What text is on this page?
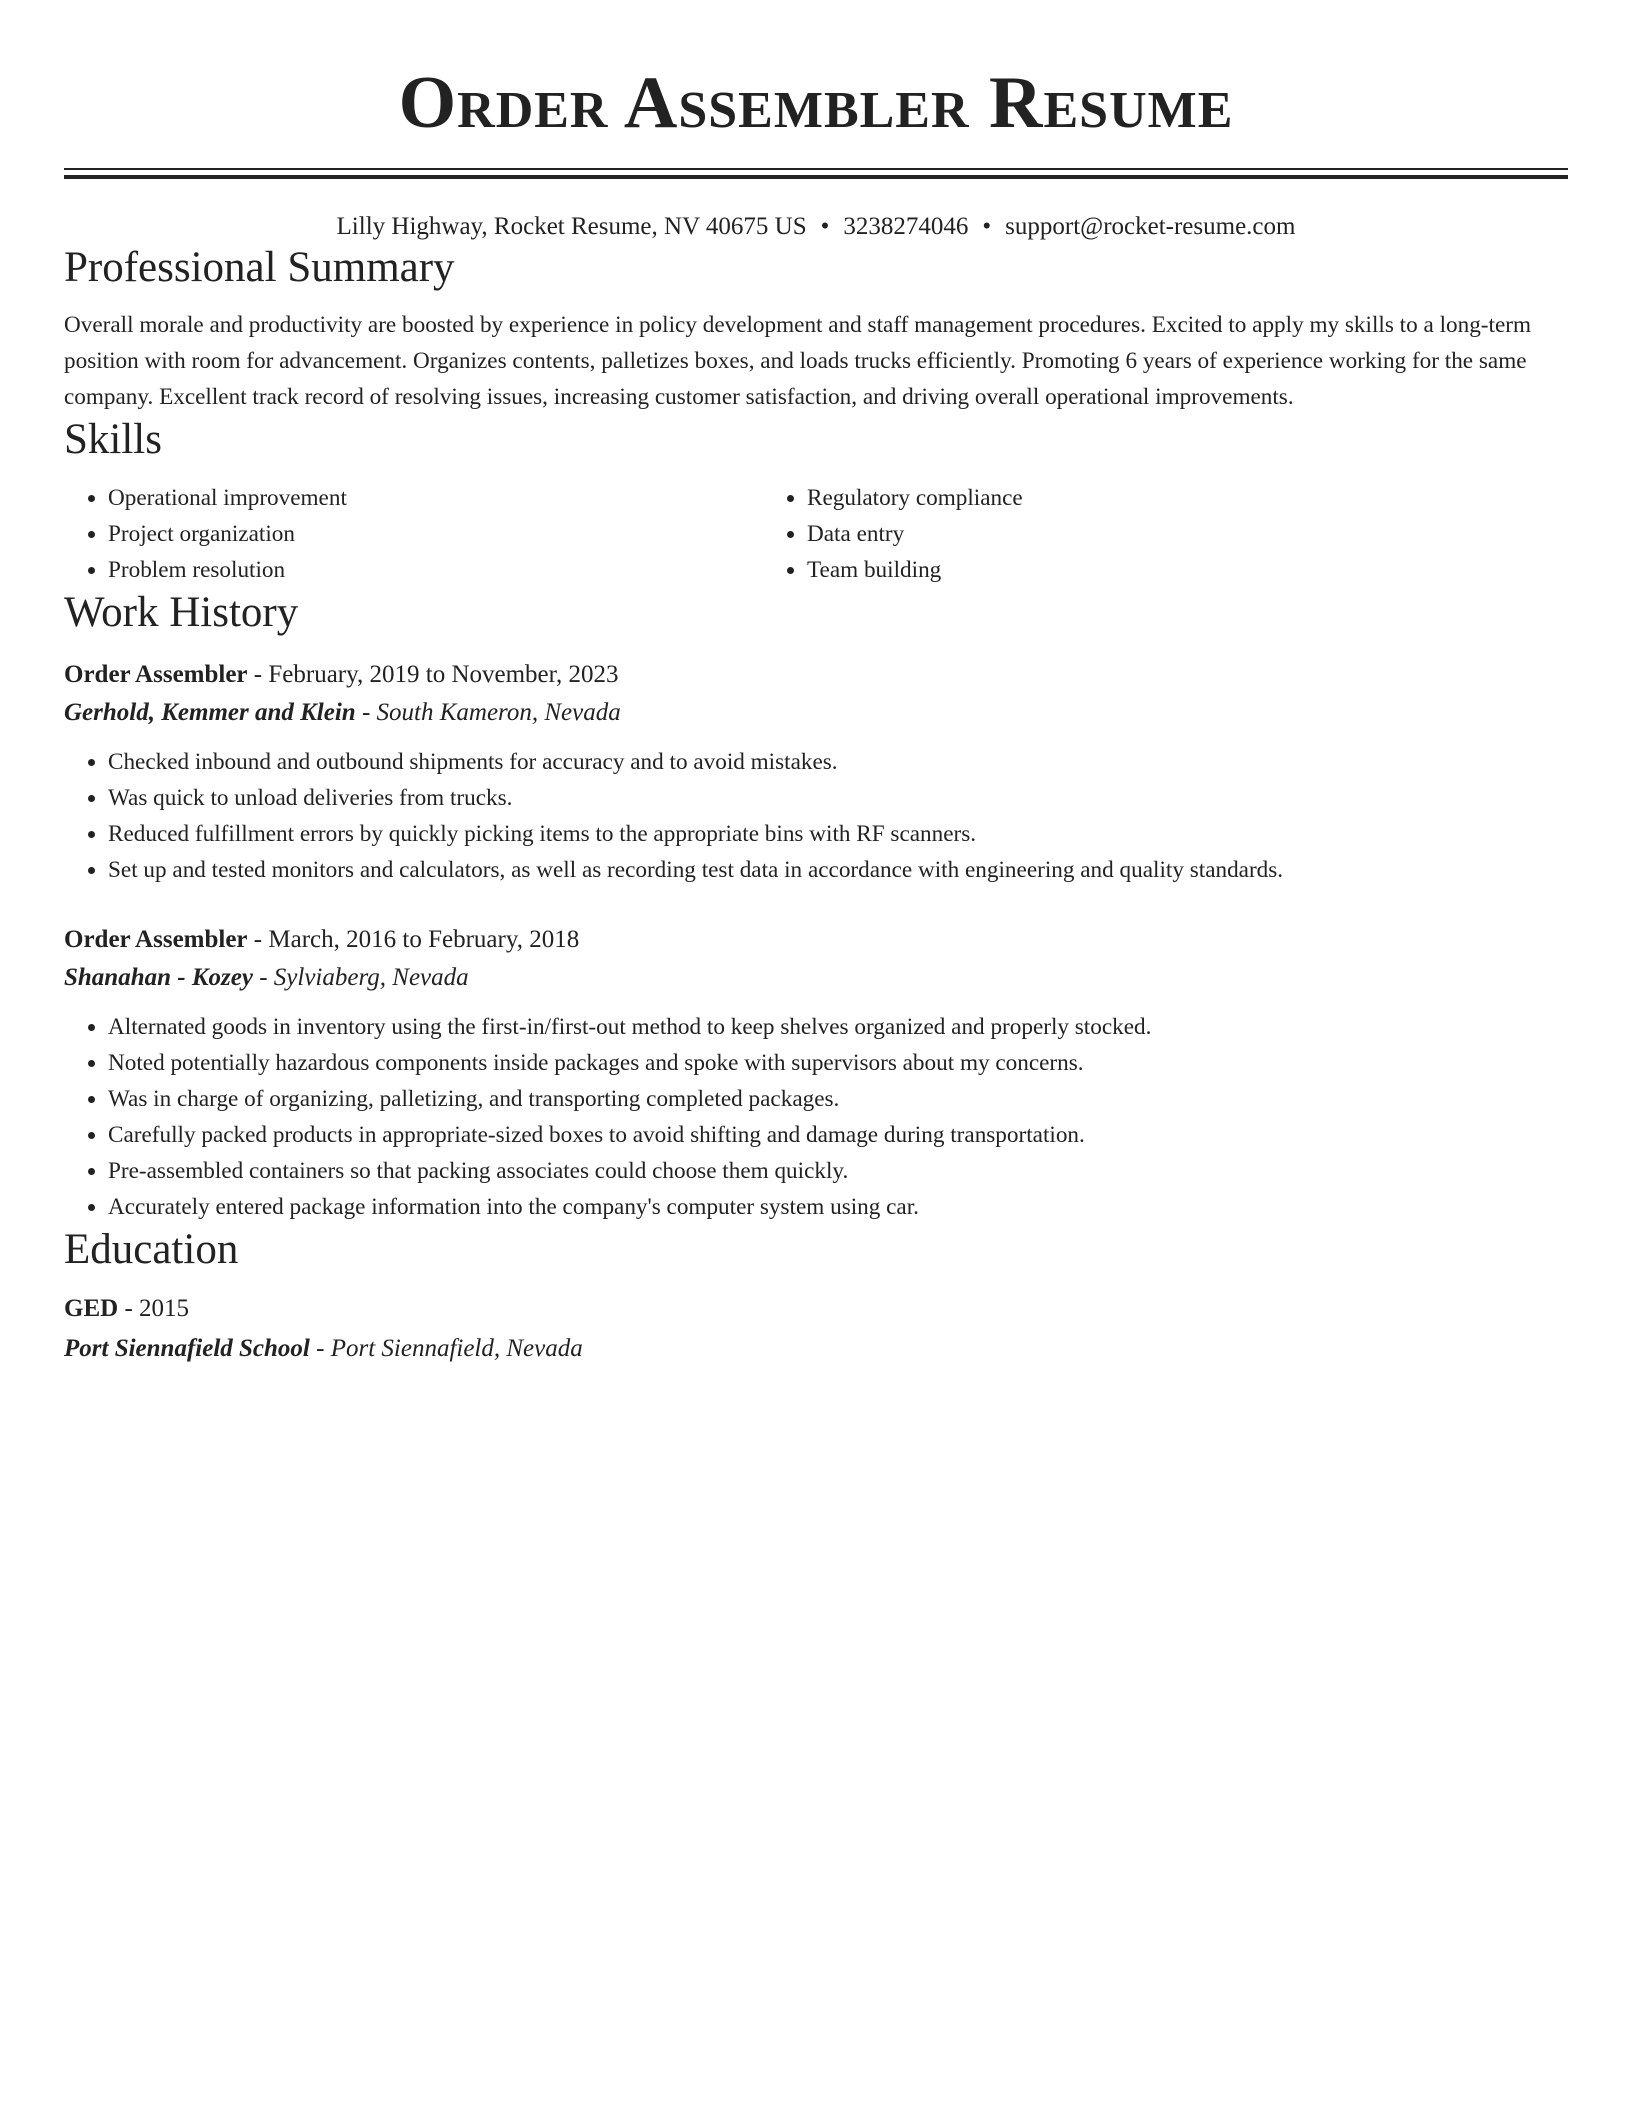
Order Assembler Resume
Lilly Highway, Rocket Resume, NV 40675 US • 3238274046 • support@rocket-resume.com
Professional Summary
Overall morale and productivity are boosted by experience in policy development and staff management procedures. Excited to apply my skills to a long-term position with room for advancement. Organizes contents, palletizes boxes, and loads trucks efficiently. Promoting 6 years of experience working for the same company. Excellent track record of resolving issues, increasing customer satisfaction, and driving overall operational improvements.
Skills
• Operational improvement
• Project organization
• Problem resolution
• Regulatory compliance
• Data entry
• Team building
Work History
Order Assembler - February, 2019 to November, 2023
Gerhold, Kemmer and Klein - South Kameron, Nevada
• Checked inbound and outbound shipments for accuracy and to avoid mistakes.
• Was quick to unload deliveries from trucks.
• Reduced fulfillment errors by quickly picking items to the appropriate bins with RF scanners.
• Set up and tested monitors and calculators, as well as recording test data in accordance with engineering and quality standards.
Order Assembler - March, 2016 to February, 2018
Shanahan - Kozey - Sylviaberg, Nevada
• Alternated goods in inventory using the first-in/first-out method to keep shelves organized and properly stocked.
• Noted potentially hazardous components inside packages and spoke with supervisors about my concerns.
• Was in charge of organizing, palletizing, and transporting completed packages.
• Carefully packed products in appropriate-sized boxes to avoid shifting and damage during transportation.
• Pre-assembled containers so that packing associates could choose them quickly.
• Accurately entered package information into the company's computer system using car.
Education
GED - 2015
Port Siennafield School - Port Siennafield, Nevada
